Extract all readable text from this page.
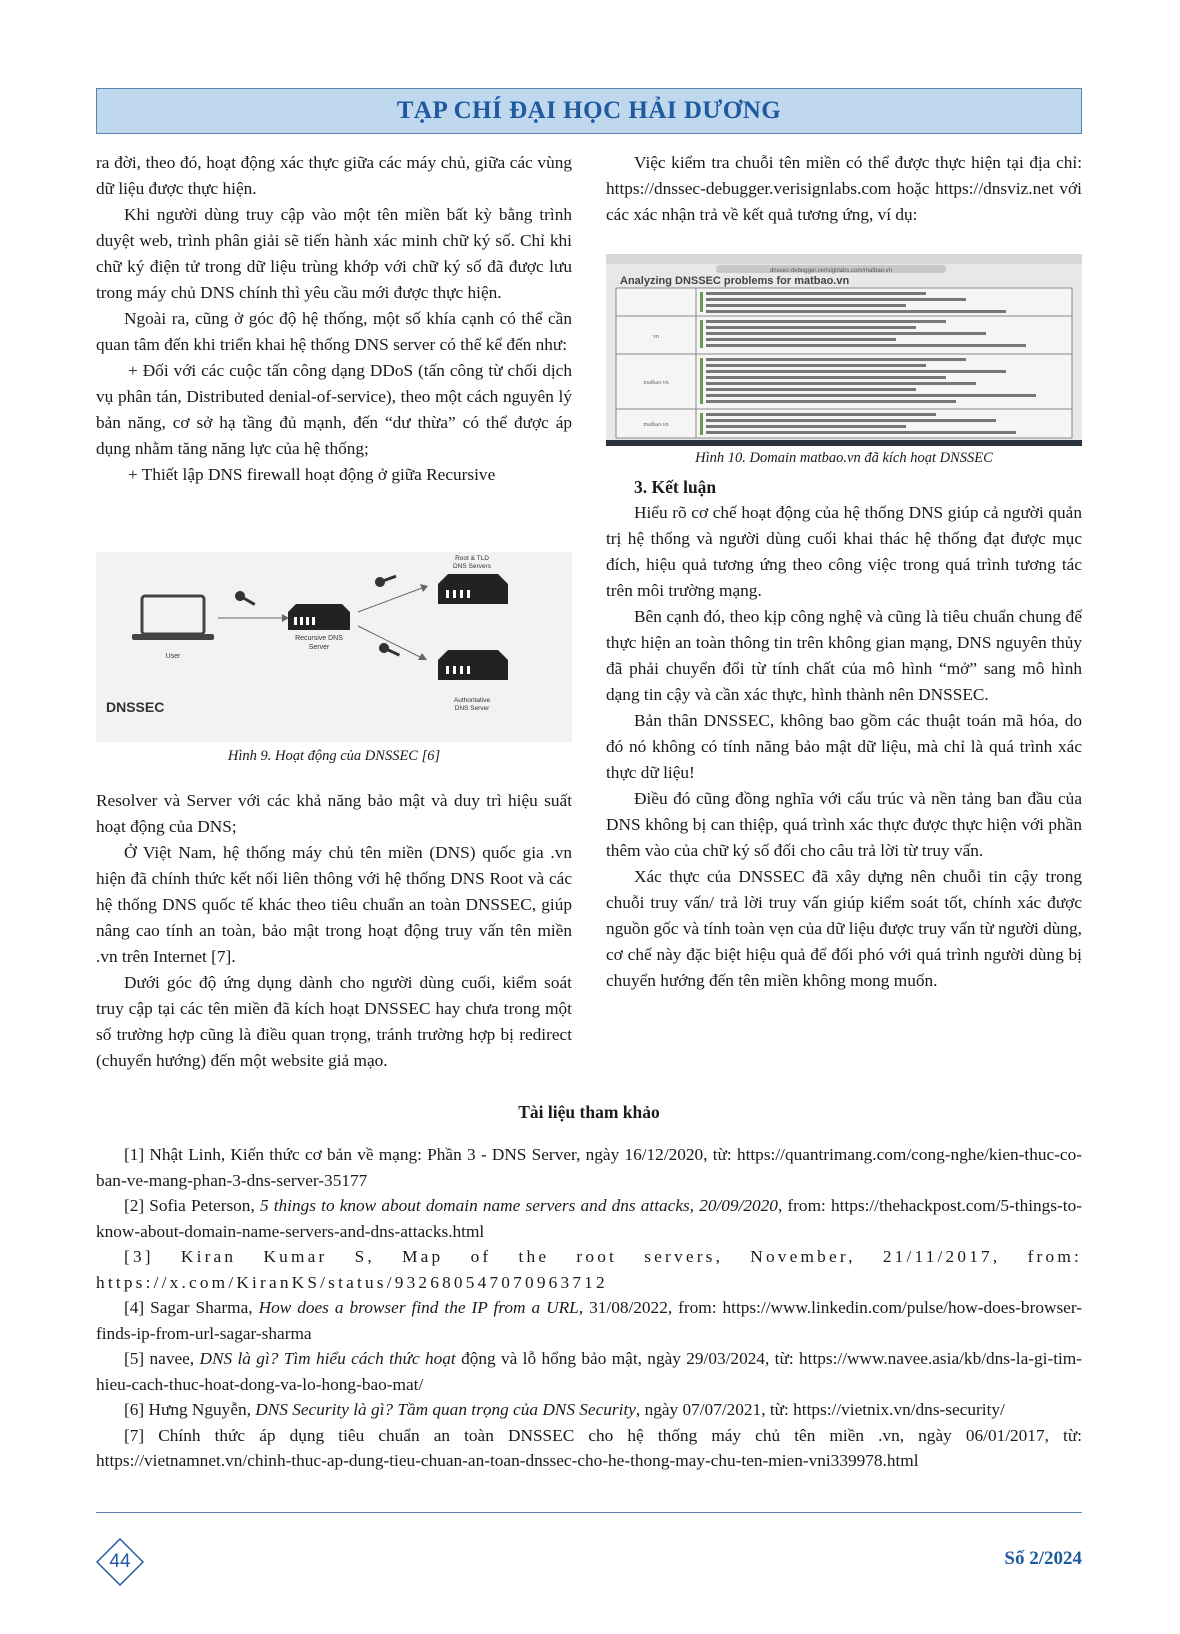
TẠP CHÍ ĐẠI HỌC HẢI DƯƠNG

ra đời, theo đó, hoạt động xác thực giữa các máy chủ, giữa các vùng dữ liệu được thực hiện.

Khi người dùng truy cập vào một tên miền bất kỳ bằng trình duyệt web, trình phân giải sẽ tiến hành xác minh chữ ký số. Chỉ khi chữ ký điện tử trong dữ liệu trùng khớp với chữ ký số đã được lưu trong máy chủ DNS chính thì yêu cầu mới được thực hiện.

Ngoài ra, cũng ở góc độ hệ thống, một số khía cạnh có thể cần quan tâm đến khi triển khai hệ thống DNS server có thể kể đến như:

+ Đối với các cuộc tấn công dạng DDoS (tấn công từ chối dịch vụ phân tán, Distributed denial-of-service), theo một cách nguyên lý bản năng, cơ sở hạ tầng đủ mạnh, đến “dư thừa” có thể được áp dụng nhằm tăng năng lực của hệ thống;

+ Thiết lập DNS firewall hoạt động ở giữa Recursive

User
Recursive DNS
Server
Root & TLD
DNS Servers
Authoritative
DNS Server
DNSSEC
Hình 9. Hoạt động của DNSSEC [6]

Resolver và Server với các khả năng bảo mật và duy trì hiệu suất hoạt động của DNS;

Ở Việt Nam, hệ thống máy chủ tên miền (DNS) quốc gia .vn hiện đã chính thức kết nối liên thông với hệ thống DNS Root và các hệ thống DNS quốc tế khác theo tiêu chuẩn an toàn DNSSEC, giúp nâng cao tính an toàn, bảo mật trong hoạt động truy vấn tên miền .vn trên Internet [7].

Dưới góc độ ứng dụng dành cho người dùng cuối, kiểm soát truy cập tại các tên miền đã kích hoạt DNSSEC hay chưa trong một số trường hợp cũng là điều quan trọng, tránh trường hợp bị redirect (chuyển hướng) đến một website giả mạo.

Việc kiểm tra chuỗi tên miền có thể được thực hiện tại địa chỉ: https://dnssec-debugger.verisignlabs.com hoặc https://dnsviz.net với các xác nhận trả về kết quả tương ứng, ví dụ:

dnssec-debugger.verisignlabs.com/matbao.vn
Analyzing DNSSEC problems for matbao.vn
.
vn
matbao.vn
matbao.vn
Hình 10. Domain matbao.vn đã kích hoạt DNSSEC

3. Kết luận

Hiểu rõ cơ chế hoạt động của hệ thống DNS giúp cả người quản trị hệ thống và người dùng cuối khai thác hệ thống đạt được mục đích, hiệu quả tương ứng theo công việc trong quá trình tương tác trên môi trường mạng.

Bên cạnh đó, theo kịp công nghệ và cũng là tiêu chuẩn chung để thực hiện an toàn thông tin trên không gian mạng, DNS nguyên thủy đã phải chuyển đổi từ tính chất của mô hình “mở” sang mô hình dạng tin cậy và cần xác thực, hình thành nên DNSSEC.

Bản thân DNSSEC, không bao gồm các thuật toán mã hóa, do đó nó không có tính năng bảo mật dữ liệu, mà chỉ là quá trình xác thực dữ liệu!

Điều đó cũng đồng nghĩa với cấu trúc và nền tảng ban đầu của DNS không bị can thiệp, quá trình xác thực được thực hiện với phần thêm vào của chữ ký số đối cho câu trả lời từ truy vấn.

Xác thực của DNSSEC đã xây dựng nên chuỗi tin cậy trong chuỗi truy vấn/ trả lời truy vấn giúp kiểm soát tốt, chính xác được nguồn gốc và tính toàn vẹn của dữ liệu được truy vấn từ người dùng, cơ chế này đặc biệt hiệu quả để đối phó với quá trình người dùng bị chuyển hướng đến tên miền không mong muốn.

Tài liệu tham khảo

[1] Nhật Linh, Kiến thức cơ bản về mạng: Phần 3 - DNS Server, ngày 16/12/2020, từ: https://quantrimang.com/cong-nghe/kien-thuc-co-ban-ve-mang-phan-3-dns-server-35177

[2] Sofia Peterson, 5 things to know about domain name servers and dns attacks, 20/09/2020, from: https://thehackpost.com/5-things-to-know-about-domain-name-servers-and-dns-attacks.html

[3] Kiran Kumar S, Map of the root servers, November, 21/11/2017, from: https://x.com/KiranKS/status/932680547070963712

[4] Sagar Sharma, How does a browser find the IP from a URL, 31/08/2022, from: https://www.linkedin.com/pulse/how-does-browser-finds-ip-from-url-sagar-sharma

[5] navee, DNS là gì? Tìm hiểu cách thức hoạt động và lỗ hổng bảo mật, ngày 29/03/2024, từ: https://www.navee.asia/kb/dns-la-gi-tim-hieu-cach-thuc-hoat-dong-va-lo-hong-bao-mat/

[6] Hưng Nguyễn, DNS Security là gì? Tầm quan trọng của DNS Security, ngày 07/07/2021, từ: https://vietnix.vn/dns-security/

[7] Chính thức áp dụng tiêu chuẩn an toàn DNSSEC cho hệ thống máy chủ tên miền .vn, ngày 06/01/2017, từ: https://vietnamnet.vn/chinh-thuc-ap-dung-tieu-chuan-an-toan-dnssec-cho-he-thong-may-chu-ten-mien-vni339978.html

44	Số 2/2024
